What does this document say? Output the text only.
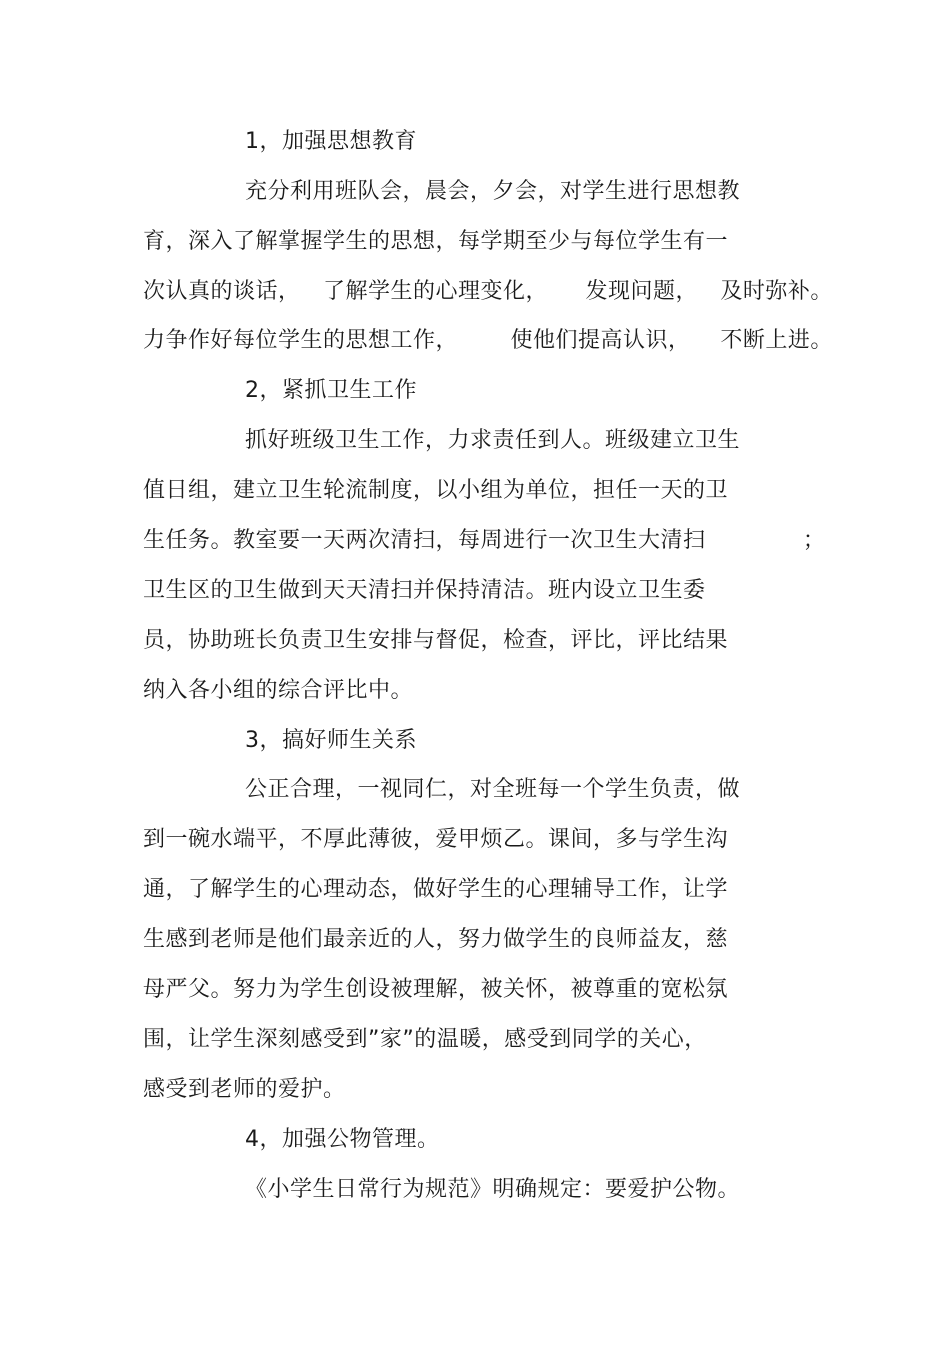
1，加强思想教育
充分利用班队会，晨会，夕会，对学生进行思想教
育，深入了解掌握学生的思想，每学期至少与每位学生有一
次认真的谈话，   了解学生的心理变化，     发现问题，   及时弥补。
力争作好每位学生的思想工作，       使他们提高认识，    不断上进。
2，紧抓卫生工作
抓好班级卫生工作，力求责任到人。班级建立卫生
值日组，建立卫生轮流制度，以小组为单位，担任一天的卫
生任务。教室要一天两次清扫，每周进行一次卫生大清扫             ；
卫生区的卫生做到天天清扫并保持清洁。班内设立卫生委
员，协助班长负责卫生安排与督促，检查，评比，评比结果
纳入各小组的综合评比中。
3，搞好师生关系
公正合理，一视同仁，对全班每一个学生负责，做
到一碗水端平，不厚此薄彼，爱甲烦乙。课间，多与学生沟
通，了解学生的心理动态，做好学生的心理辅导工作，让学
生感到老师是他们最亲近的人，努力做学生的良师益友，慈
母严父。努力为学生创设被理解，被关怀，被尊重的宽松氛
围，让学生深刻感受到”家”的温暖，感受到同学的关心，
感受到老师的爱护。
4，加强公物管理。
《小学生日常行为规范》明确规定：要爱护公物。
